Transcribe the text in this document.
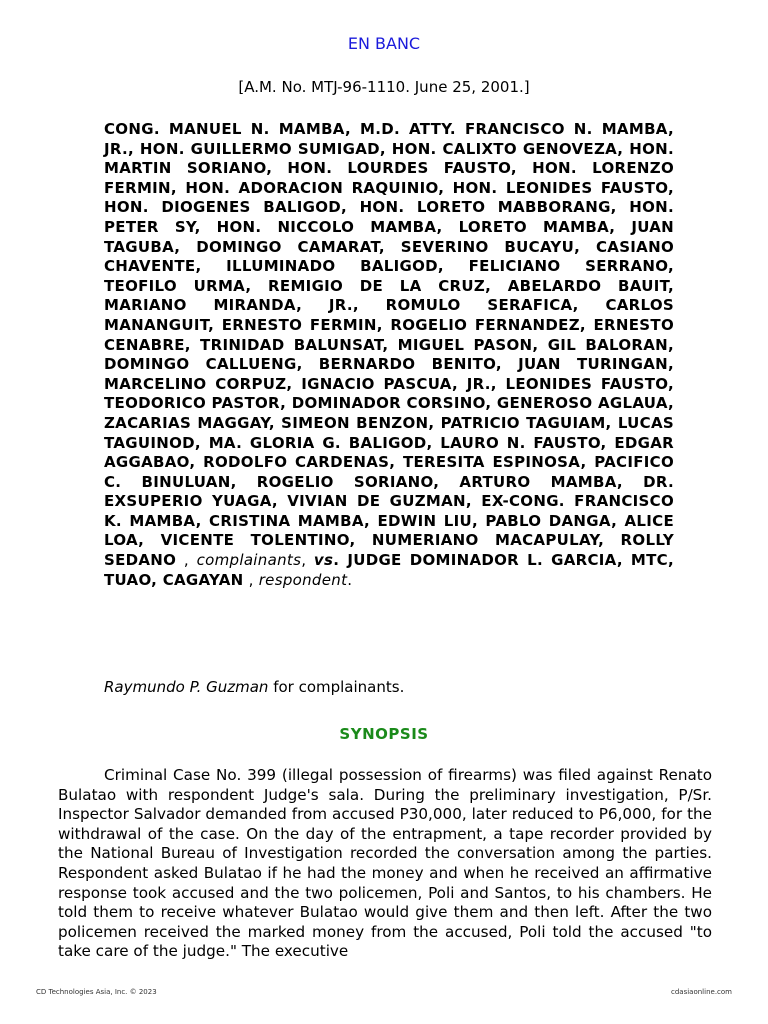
EN BANC
[A.M. No. MTJ-96-1110. June 25, 2001.]
CONG. MANUEL N. MAMBA, M.D. ATTY. FRANCISCO N. MAMBA, JR., HON. GUILLERMO SUMIGAD, HON. CALIXTO GENOVEZA, HON. MARTIN SORIANO, HON. LOURDES FAUSTO, HON. LORENZO FERMIN, HON. ADORACION RAQUINIO, HON. LEONIDES FAUSTO, HON. DIOGENES BALIGOD, HON. LORETO MABBORANG, HON. PETER SY, HON. NICCOLO MAMBA, LORETO MAMBA, JUAN TAGUBA, DOMINGO CAMARAT, SEVERINO BUCAYU, CASIANO CHAVENTE, ILLUMINADO BALIGOD, FELICIANO SERRANO, TEOFILO URMA, REMIGIO DE LA CRUZ, ABELARDO BAUIT, MARIANO MIRANDA, JR., ROMULO SERAFICA, CARLOS MANANGUIT, ERNESTO FERMIN, ROGELIO FERNANDEZ, ERNESTO CENABRE, TRINIDAD BALUNSAT, MIGUEL PASON, GIL BALORAN, DOMINGO CALLUENG, BERNARDO BENITO, JUAN TURINGAN, MARCELINO CORPUZ, IGNACIO PASCUA, JR., LEONIDES FAUSTO, TEODORICO PASTOR, DOMINADOR CORSINO, GENEROSO AGLAUA, ZACARIAS MAGGAY, SIMEON BENZON, PATRICIO TAGUIAM, LUCAS TAGUINOD, MA. GLORIA G. BALIGOD, LAURO N. FAUSTO, EDGAR AGGABAO, RODOLFO CARDENAS, TERESITA ESPINOSA, PACIFICO C. BINULUAN, ROGELIO SORIANO, ARTURO MAMBA, DR. EXSUPERIO YUAGA, VIVIAN DE GUZMAN, EX-CONG. FRANCISCO K. MAMBA, CRISTINA MAMBA, EDWIN LIU, PABLO DANGA, ALICE LOA, VICENTE TOLENTINO, NUMERIANO MACAPULAY, ROLLY SEDANO , complainants, vs. JUDGE DOMINADOR L. GARCIA, MTC, TUAO, CAGAYAN , respondent.
Raymundo P. Guzman for complainants.
SYNOPSIS
Criminal Case No. 399 (illegal possession of firearms) was filed against Renato Bulatao with respondent Judge's sala. During the preliminary investigation, P/Sr. Inspector Salvador demanded from accused P30,000, later reduced to P6,000, for the withdrawal of the case. On the day of the entrapment, a tape recorder provided by the National Bureau of Investigation recorded the conversation among the parties. Respondent asked Bulatao if he had the money and when he received an affirmative response took accused and the two policemen, Poli and Santos, to his chambers. He told them to receive whatever Bulatao would give them and then left. After the two policemen received the marked money from the accused, Poli told the accused "to take care of the judge." The executive
CD Technologies Asia, Inc. © 2023	cdasiaonline.com
